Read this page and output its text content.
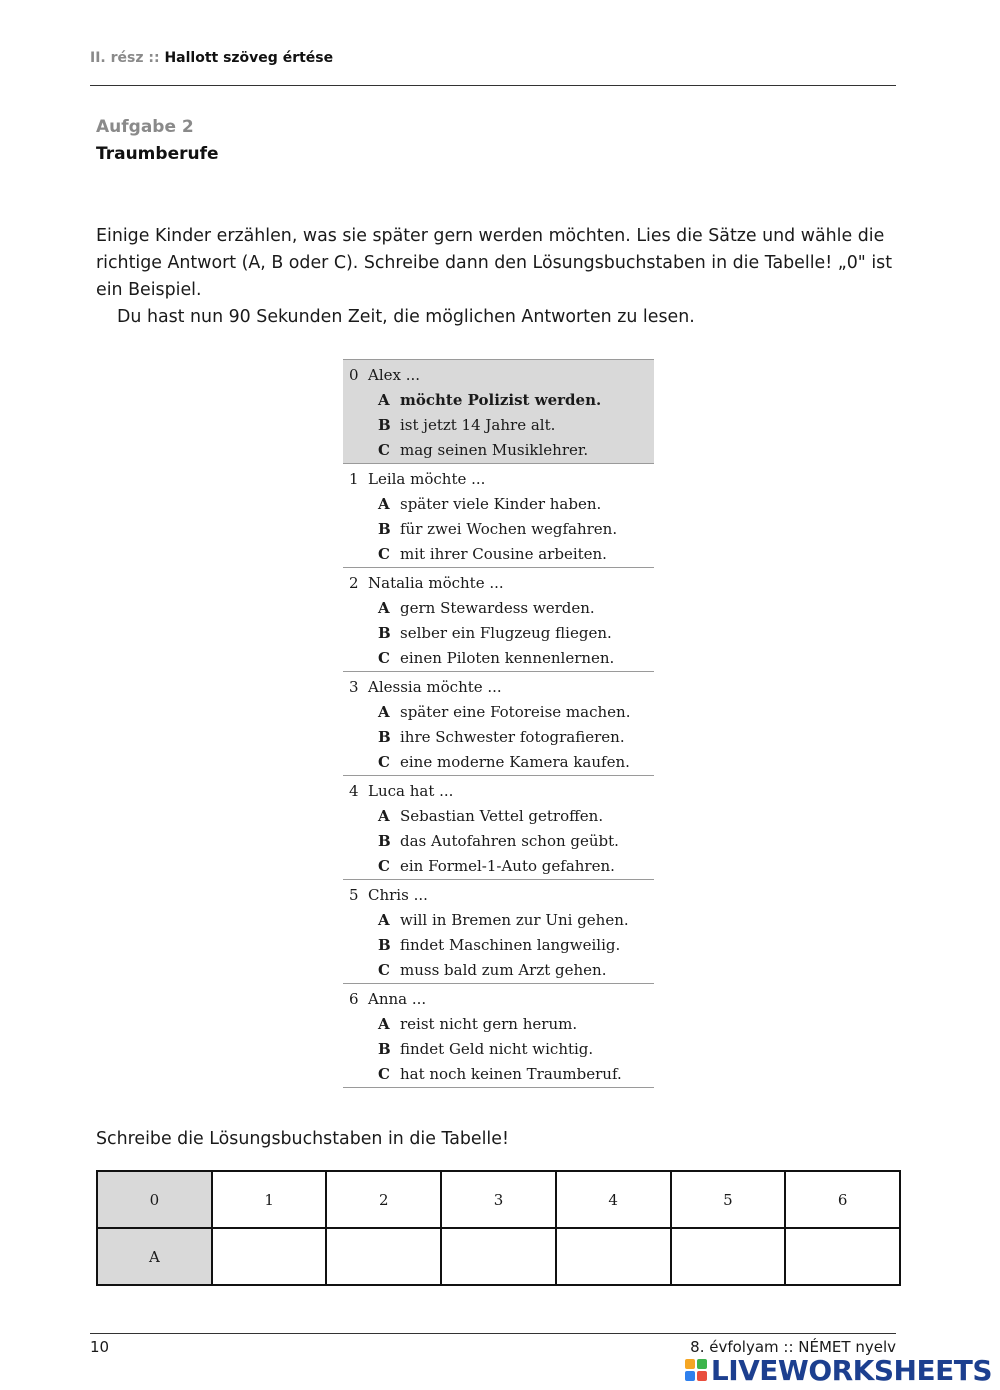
II. rész :: Hallott szöveg értése
Aufgabe 2
Traumberufe

Einige Kinder erzählen, was sie später gern werden möchten. Lies die Sätze und wähle die richtige Antwort (A, B oder C). Schreibe dann den Lösungsbuchstaben in die Tabelle! „0" ist ein Beispiel.

Du hast nun 90 Sekunden Zeit, die möglichen Antworten zu lesen.

0 Alex ...
A möchte Polizist werden.
B ist jetzt 14 Jahre alt.
C mag seinen Musiklehrer.
1 Leila möchte ...
A später viele Kinder haben.
B für zwei Wochen wegfahren.
C mit ihrer Cousine arbeiten.
2 Natalia möchte ...
A gern Stewardess werden.
B selber ein Flugzeug fliegen.
C einen Piloten kennenlernen.
3 Alessia möchte ...
A später eine Fotoreise machen.
B ihre Schwester fotografieren.
C eine moderne Kamera kaufen.
4 Luca hat ...
A Sebastian Vettel getroffen.
B das Autofahren schon geübt.
C ein Formel-1-Auto gefahren.
5 Chris ...
A will in Bremen zur Uni gehen.
B findet Maschinen langweilig.
C muss bald zum Arzt gehen.
6 Anna ...
A reist nicht gern herum.
B findet Geld nicht wichtig.
C hat noch keinen Traumberuf.
Schreibe die Lösungsbuchstaben in die Tabelle!
0	1	2	3	4	5	6
A						
10	8. évfolyam :: NÉMET nyelv
LIVEWORKSHEETS
